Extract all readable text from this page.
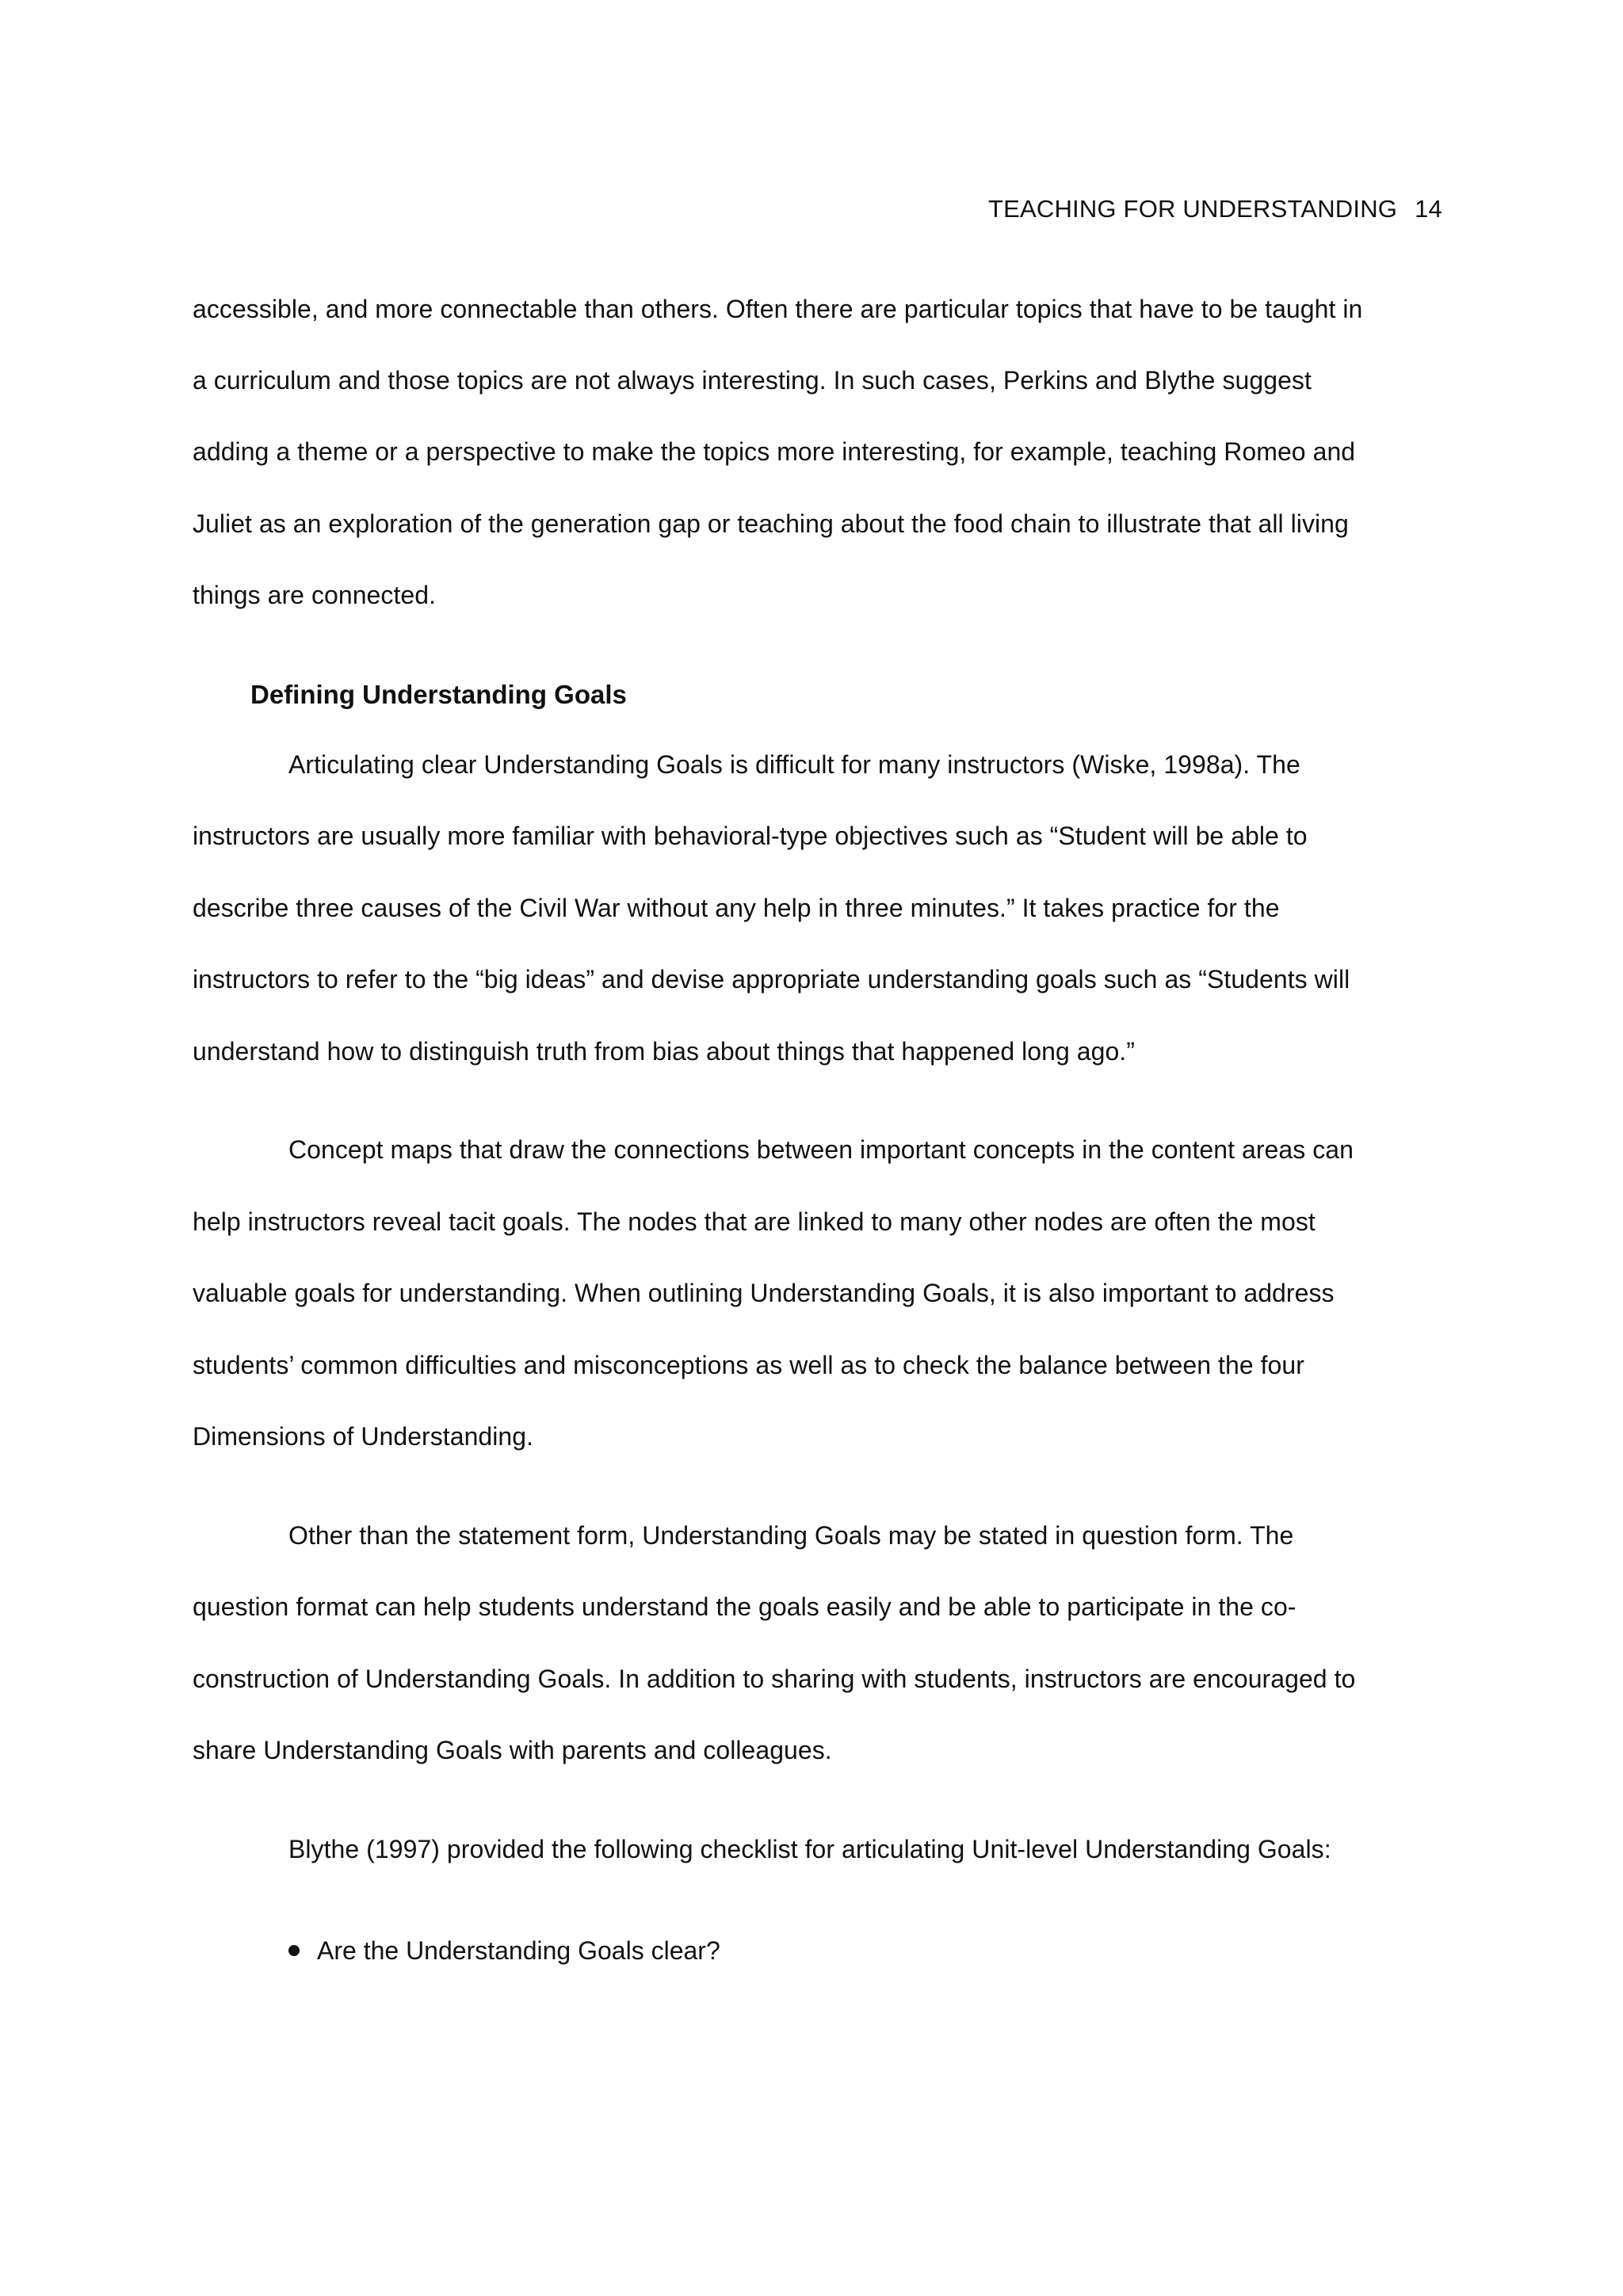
TEACHING FOR UNDERSTANDING 14
accessible, and more connectable than others. Often there are particular topics that have to be taught in
a curriculum and those topics are not always interesting. In such cases, Perkins and Blythe suggest
adding a theme or a perspective to make the topics more interesting, for example, teaching Romeo and
Juliet as an exploration of the generation gap or teaching about the food chain to illustrate that all living
things are connected.
Defining Understanding Goals
Articulating clear Understanding Goals is difficult for many instructors (Wiske, 1998a). The
instructors are usually more familiar with behavioral-type objectives such as “Student will be able to
describe three causes of the Civil War without any help in three minutes.” It takes practice for the
instructors to refer to the “big ideas” and devise appropriate understanding goals such as “Students will
understand how to distinguish truth from bias about things that happened long ago.”
Concept maps that draw the connections between important concepts in the content areas can
help instructors reveal tacit goals. The nodes that are linked to many other nodes are often the most
valuable goals for understanding. When outlining Understanding Goals, it is also important to address
students’ common difficulties and misconceptions as well as to check the balance between the four
Dimensions of Understanding.
Other than the statement form, Understanding Goals may be stated in question form. The
question format can help students understand the goals easily and be able to participate in the co-
construction of Understanding Goals. In addition to sharing with students, instructors are encouraged to
share Understanding Goals with parents and colleagues.
Blythe (1997) provided the following checklist for articulating Unit-level Understanding Goals:
Are the Understanding Goals clear?
